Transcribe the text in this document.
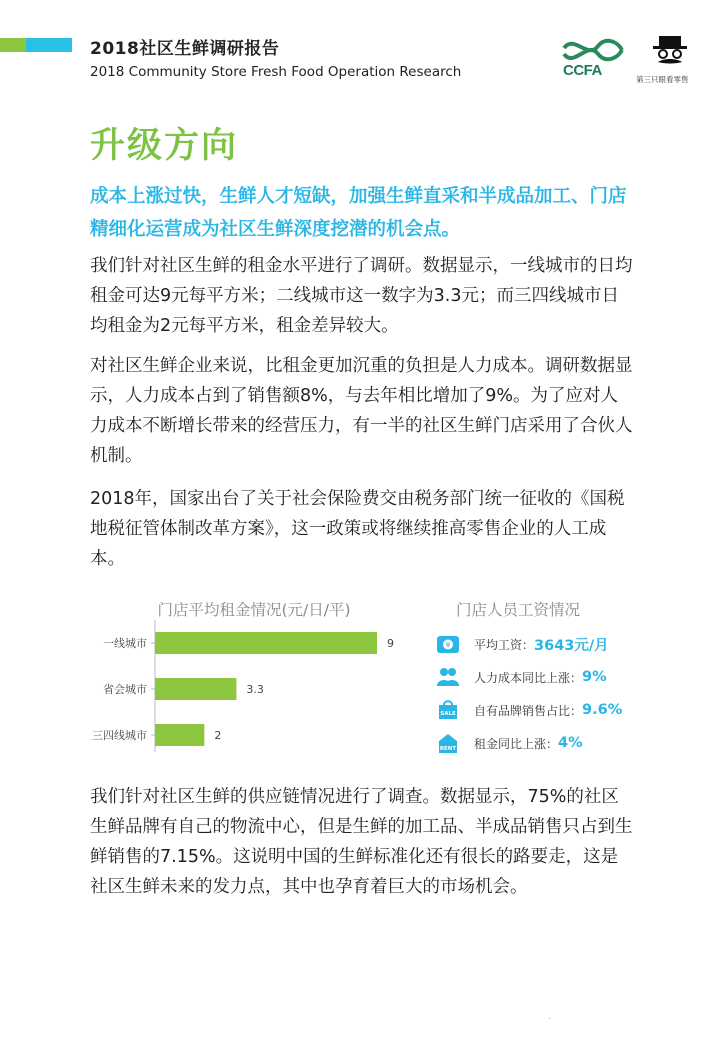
2018社区生鲜调研报告
2018 Community Store Fresh Food Operation Research	CCFA
第三只眼看零售
升级方向
成本上涨过快，生鲜人才短缺，加强生鲜直采和半成品加工、门店精细化运营成为社区生鲜深度挖潜的机会点。
我们针对社区生鲜的租金水平进行了调研。数据显示，一线城市的日均租金可达9元每平方米；二线城市这一数字为3.3元；而三四线城市日均租金为2元每平方米，租金差异较大。
对社区生鲜企业来说，比租金更加沉重的负担是人力成本。调研数据显示，人力成本占到了销售额8%，与去年相比增加了9%。为了应对人力成本不断增长带来的经营压力，有一半的社区生鲜门店采用了合伙人机制。
2018年，国家出台了关于社会保险费交由税务部门统一征收的《国税地税征管体制改革方案》，这一政策或将继续推高零售企业的人工成本。
门店平均租金情况(元/日/平)
一线城市	9
省会城市	3.3
三四线城市	2
门店人员工资情况
¥ 平均工资： 3643元/月
人力成本同比上涨： 9%
SALE 自有品牌销售占比： 9.6%
RENT 租金同比上涨： 4%
我们针对社区生鲜的供应链情况进行了调查。数据显示，75%的社区生鲜品牌有自己的物流中心，但是生鲜的加工品、半成品销售只占到生鲜销售的7.15%。这说明中国的生鲜标准化还有很长的路要走，这是社区生鲜未来的发力点，其中也孕育着巨大的市场机会。
·
